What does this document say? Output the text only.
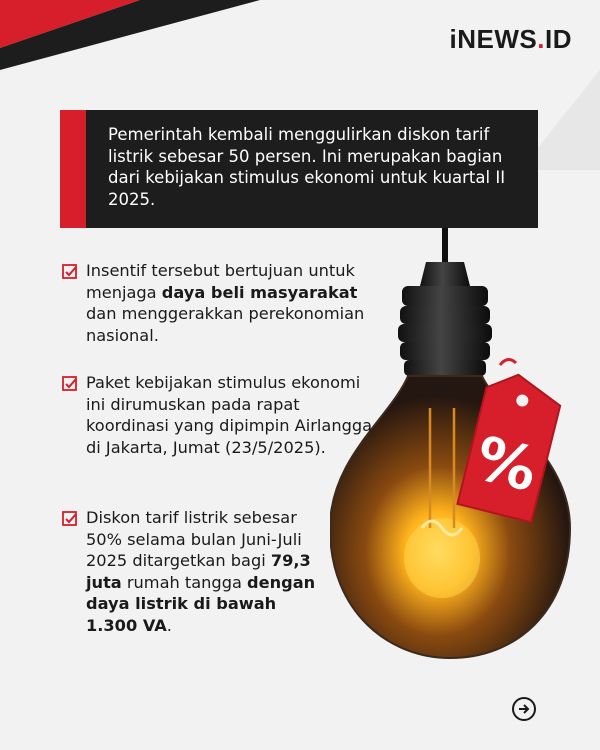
iNEWS.ID
Pemerintah kembali menggulirkan diskon tarif listrik sebesar 50 persen. Ini merupakan bagian dari kebijakan stimulus ekonomi untuk kuartal II 2025.
%
Insentif tersebut bertujuan untuk menjaga daya beli masyarakat dan menggerakkan perekonomian nasional.
Paket kebijakan stimulus ekonomi ini dirumuskan pada rapat koordinasi yang dipimpin Airlangga di Jakarta, Jumat (23/5/2025).
Diskon tarif listrik sebesar 50% selama bulan Juni-Juli 2025 ditargetkan bagi 79,3 juta rumah tangga dengan daya listrik di bawah 1.300 VA.
